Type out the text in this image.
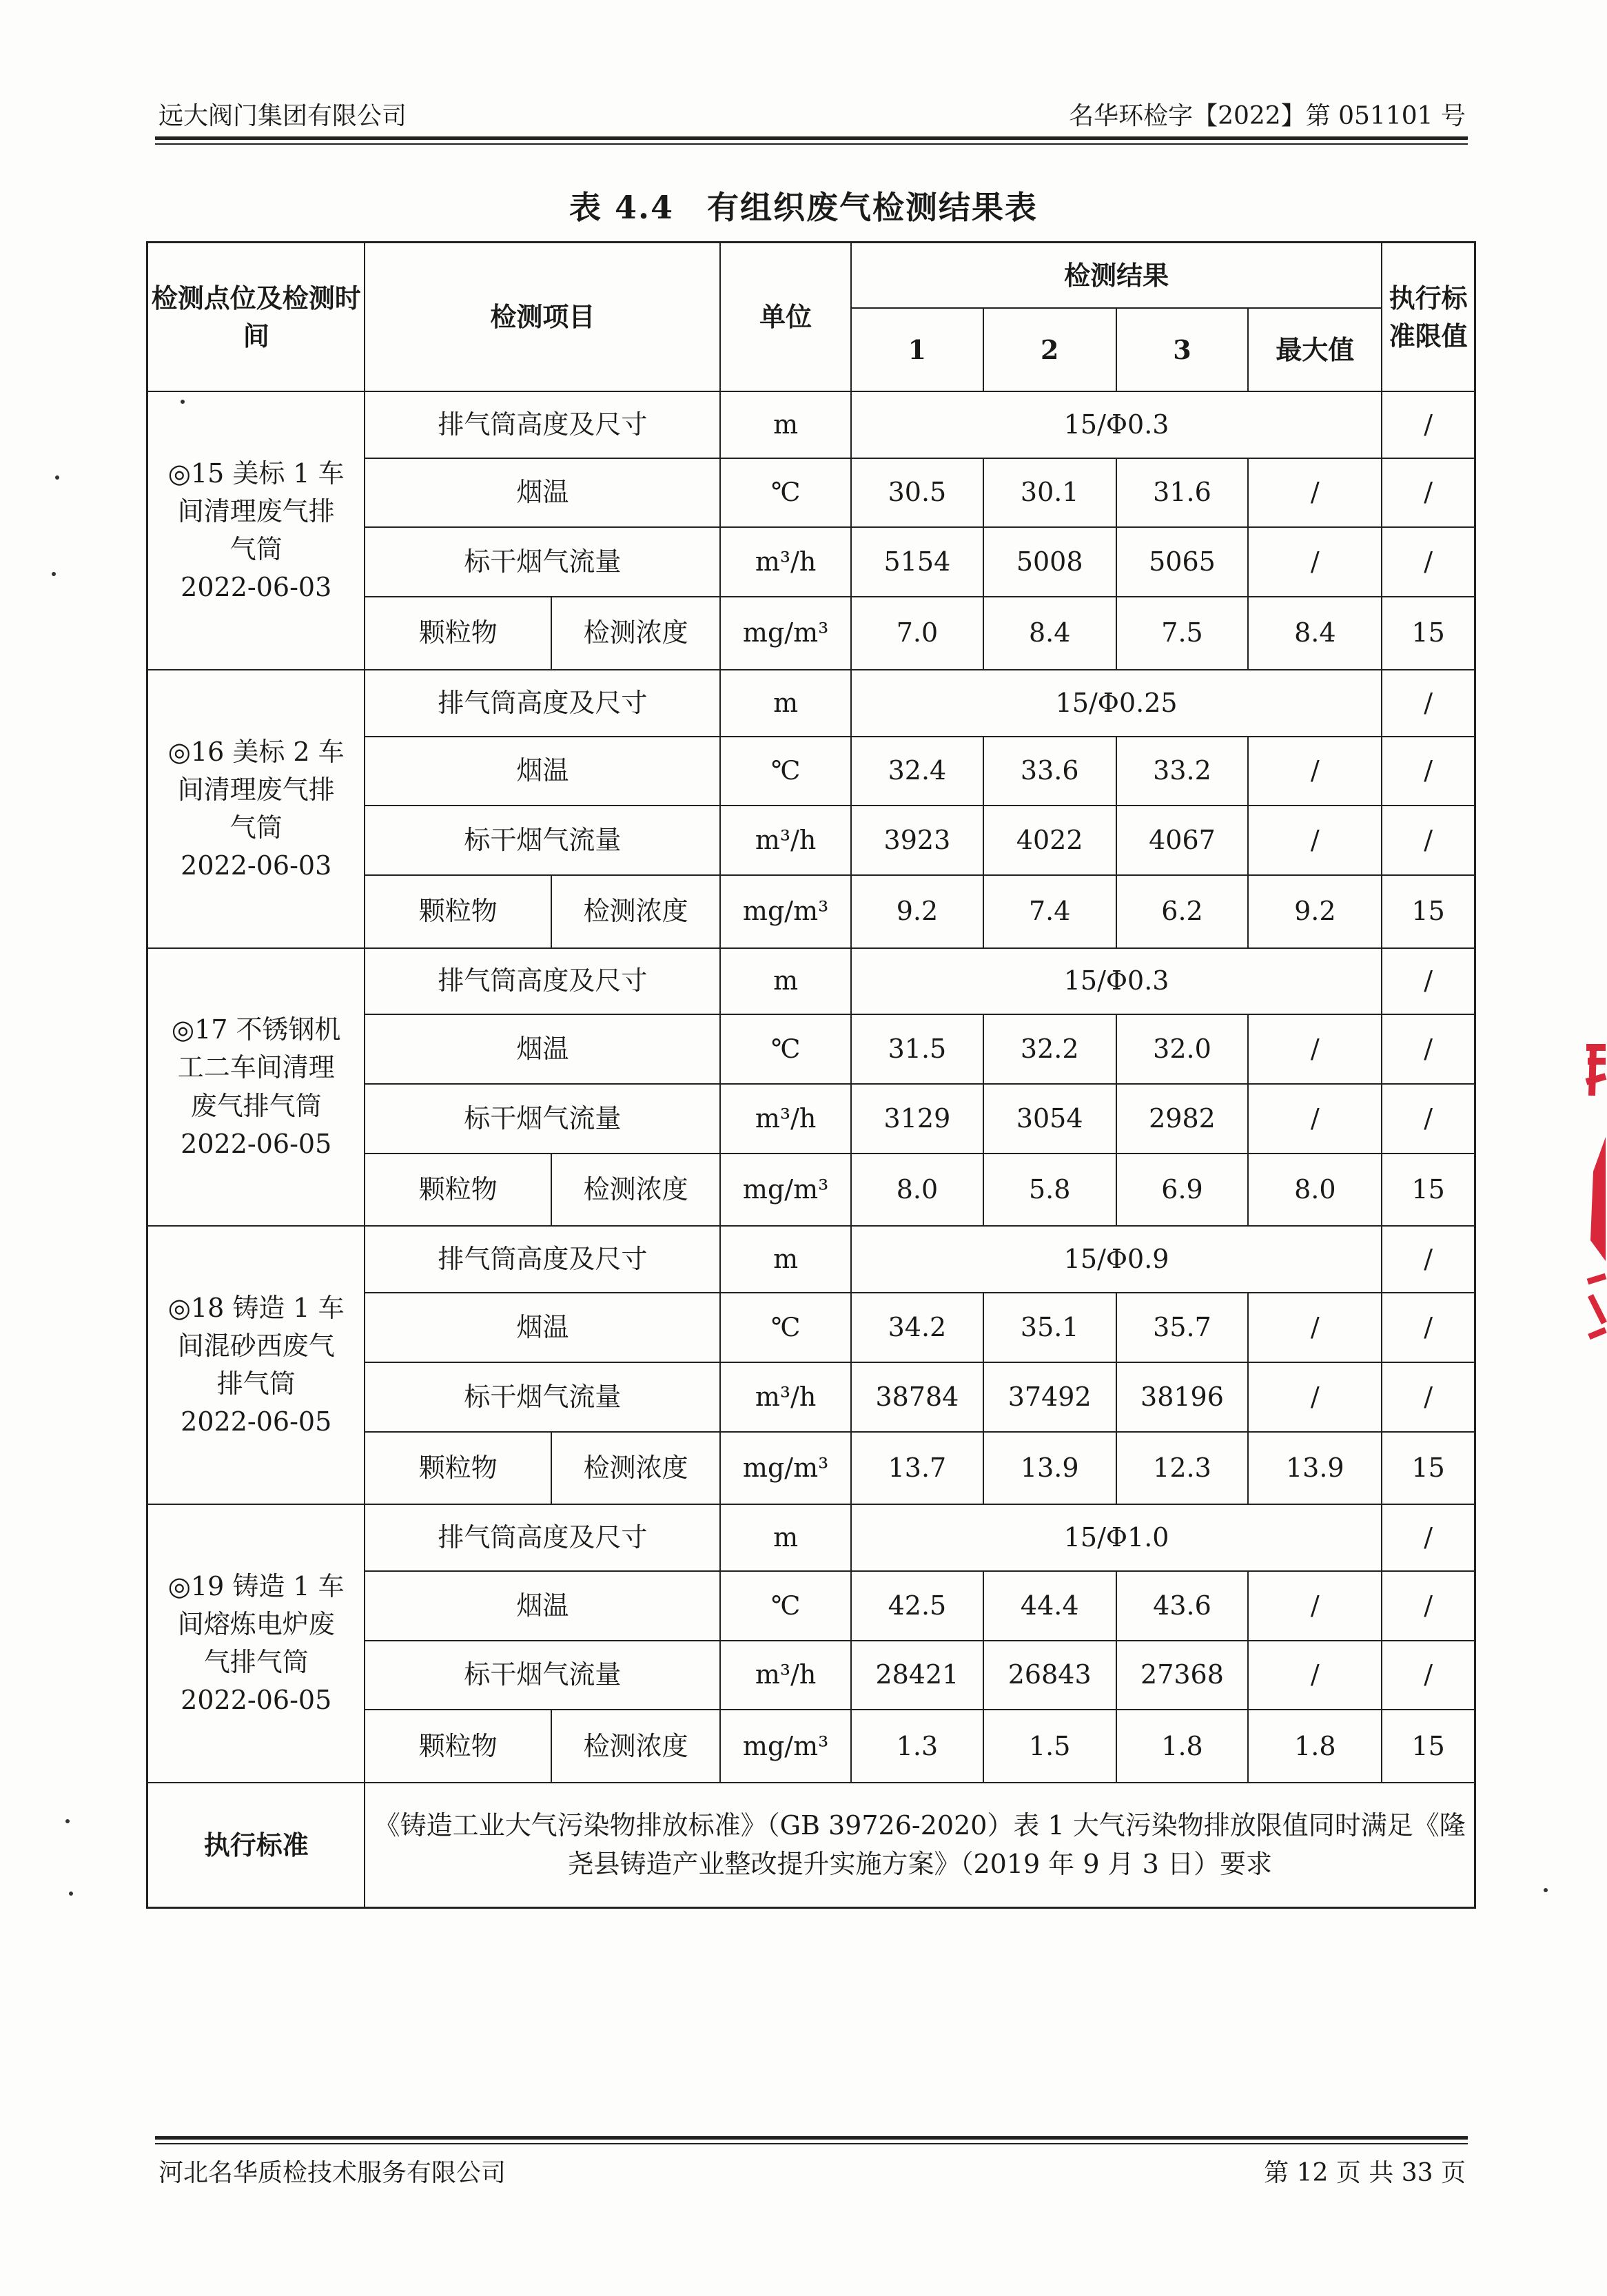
远大阀门集团有限公司	名华环检字【2022】第 051101 号
表 4.4　有组织废气检测结果表
检测点位及检测时间	检测项目		单位	检测结果				执行标准限值
				1	2	3	最大值	

◎15 美标 1 车间清理废气排气筒
2022-06-03	排气筒高度及尺寸		m	15/Φ0.3				/
	烟温		℃	30.5	30.1	31.6	/	/
	标干烟气流量		m³/h	5154	5008	5065	/	/
	颗粒物	检测浓度	mg/m³	7.0	8.4	7.5	8.4	15

◎16 美标 2 车间清理废气排气筒
2022-06-03	排气筒高度及尺寸		m	15/Φ0.25				/
	烟温		℃	32.4	33.6	33.2	/	/
	标干烟气流量		m³/h	3923	4022	4067	/	/
	颗粒物	检测浓度	mg/m³	9.2	7.4	6.2	9.2	15

◎17 不锈钢机工二车间清理废气排气筒
2022-06-05	排气筒高度及尺寸		m	15/Φ0.3				/
	烟温		℃	31.5	32.2	32.0	/	/
	标干烟气流量		m³/h	3129	3054	2982	/	/
	颗粒物	检测浓度	mg/m³	8.0	5.8	6.9	8.0	15

◎18 铸造 1 车间混砂西废气排气筒
2022-06-05	排气筒高度及尺寸		m	15/Φ0.9				/
	烟温		℃	34.2	35.1	35.7	/	/
	标干烟气流量		m³/h	38784	37492	38196	/	/
	颗粒物	检测浓度	mg/m³	13.7	13.9	12.3	13.9	15

◎19 铸造 1 车间熔炼电炉废气排气筒
2022-06-05	排气筒高度及尺寸		m	15/Φ1.0				/
	烟温		℃	42.5	44.4	43.6	/	/
	标干烟气流量		m³/h	28421	26843	27368	/	/
	颗粒物	检测浓度	mg/m³	1.3	1.5	1.8	1.8	15
执行标准	《铸造工业大气污染物排放标准》（GB 39726-2020）表 1 大气污染物排放限值同时满足《隆尧县铸造产业整改提升实施方案》（2019 年 9 月 3 日）要求							
河北名华质检技术服务有限公司	第 12 页 共 33 页
